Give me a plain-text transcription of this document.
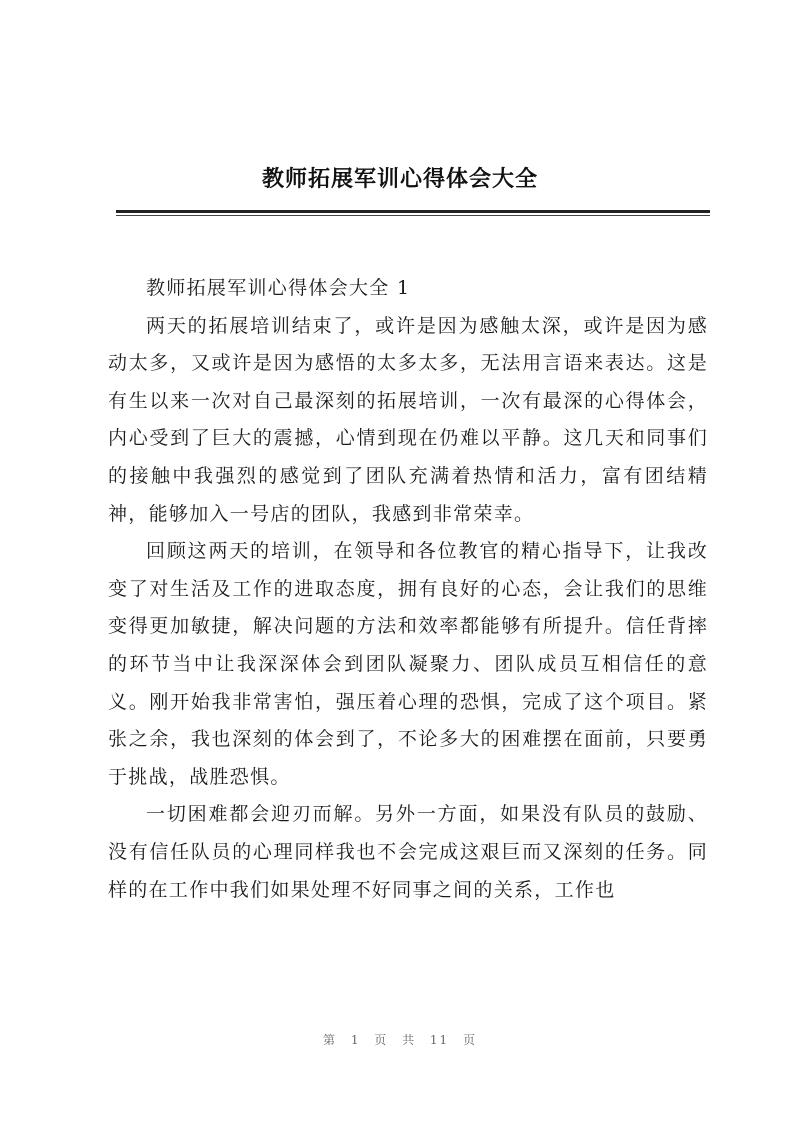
教师拓展军训心得体会大全

教师拓展军训心得体会大全 1

两天的拓展培训结束了，或许是因为感触太深，或许是因为感动太多，又或许是因为感悟的太多太多，无法用言语来表达。这是有生以来一次对自己最深刻的拓展培训，一次有最深的心得体会，内心受到了巨大的震撼，心情到现在仍难以平静。这几天和同事们的接触中我强烈的感觉到了团队充满着热情和活力，富有团结精神，能够加入一号店的团队，我感到非常荣幸。

回顾这两天的培训，在领导和各位教官的精心指导下，让我改变了对生活及工作的进取态度，拥有良好的心态，会让我们的思维变得更加敏捷，解决问题的方法和效率都能够有所提升。信任背摔的环节当中让我深深体会到团队凝聚力、团队成员互相信任的意义。刚开始我非常害怕，强压着心理的恐惧，完成了这个项目。紧张之余，我也深刻的体会到了，不论多大的困难摆在面前，只要勇于挑战，战胜恐惧。

一切困难都会迎刃而解。另外一方面，如果没有队员的鼓励、没有信任队员的心理同样我也不会完成这艰巨而又深刻的任务。同样的在工作中我们如果处理不好同事之间的关系，工作也

第 1 页 共 11 页
